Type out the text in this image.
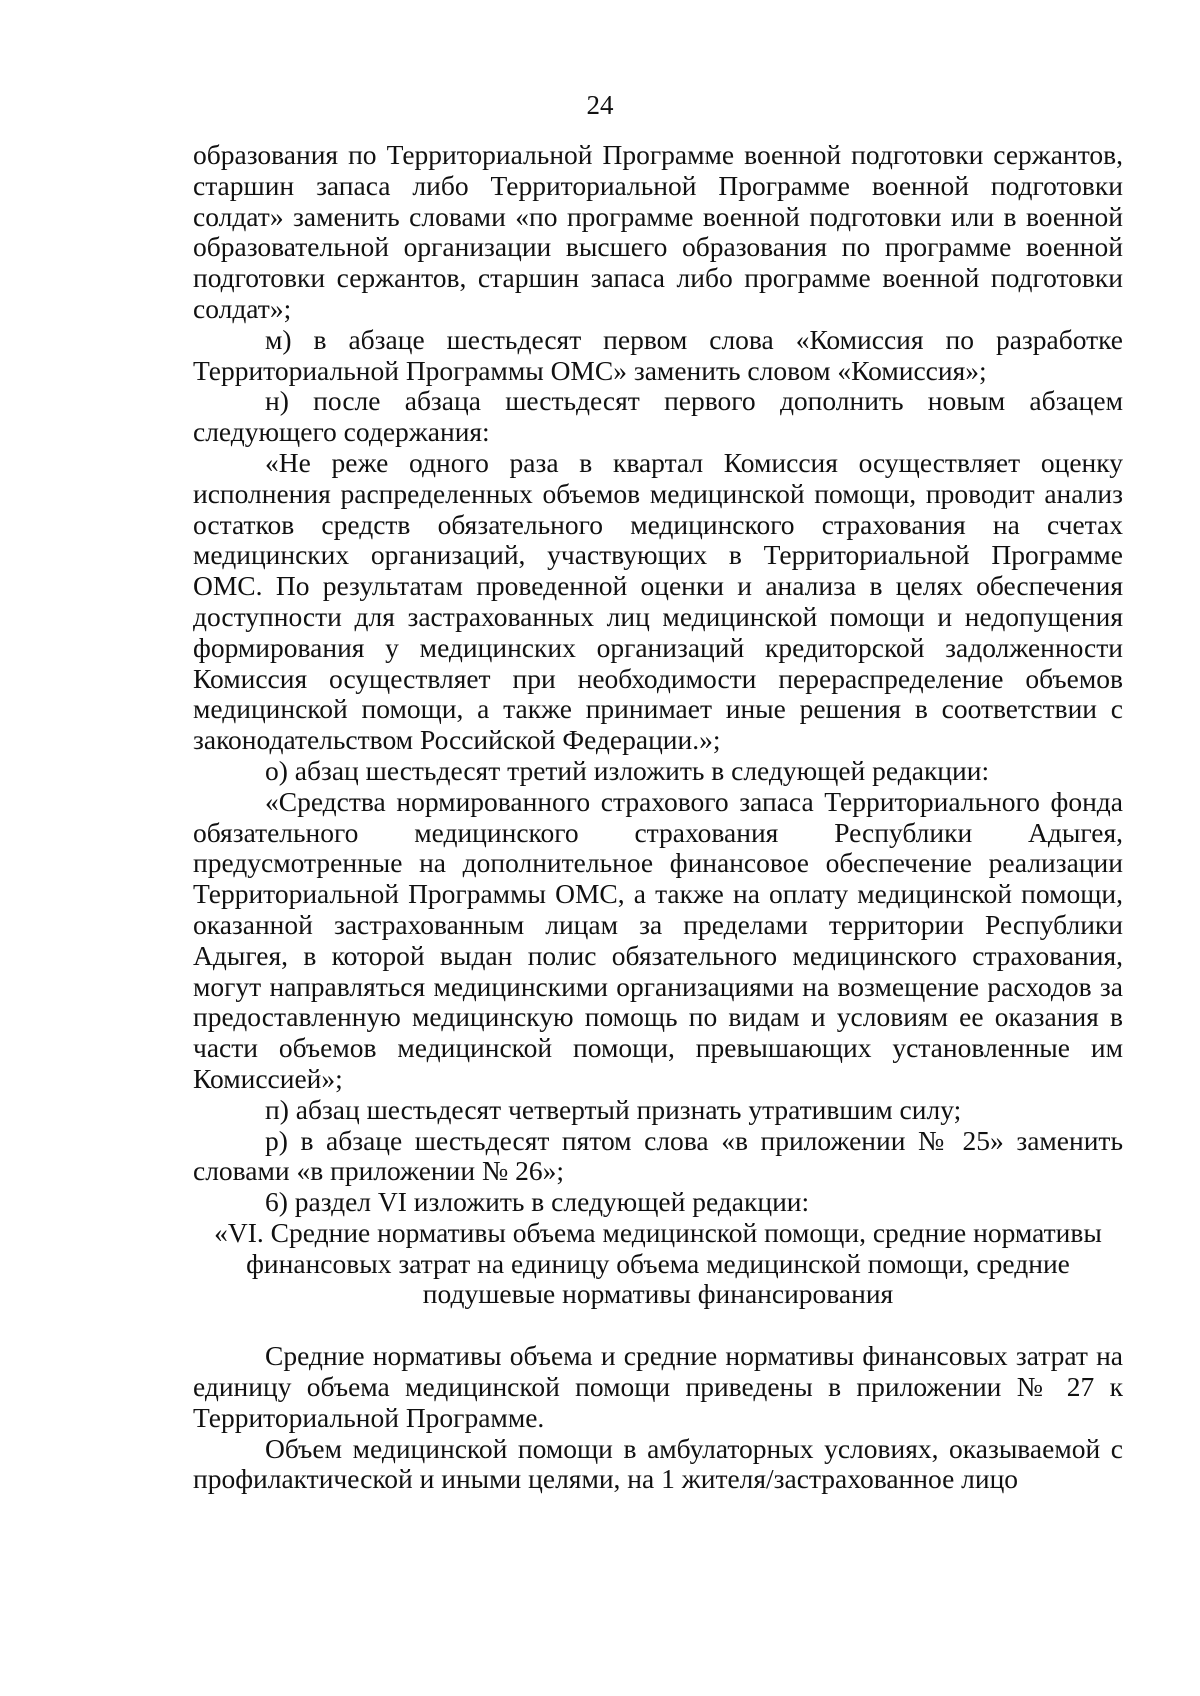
24

образования по Территориальной Программе военной подготовки сержантов, старшин запаса либо Территориальной Программе военной подготовки солдат» заменить словами «по программе военной подготовки или в военной образовательной организации высшего образования по программе военной подготовки сержантов, старшин запаса либо программе военной подготовки солдат»;

м) в абзаце шестьдесят первом слова «Комиссия по разработке Территориальной Программы ОМС» заменить словом «Комиссия»;

н) после абзаца шестьдесят первого дополнить новым абзацем следующего содержания:

«Не реже одного раза в квартал Комиссия осуществляет оценку исполнения распределенных объемов медицинской помощи, проводит анализ остатков средств обязательного медицинского страхования на счетах медицинских организаций, участвующих в Территориальной Программе ОМС. По результатам проведенной оценки и анализа в целях обеспечения доступности для застрахованных лиц медицинской помощи и недопущения формирования у медицинских организаций кредиторской задолженности Комиссия осуществляет при необходимости перераспределение объемов медицинской помощи, а также принимает иные решения в соответствии с законодательством Российской Федерации.»;

о) абзац шестьдесят третий изложить в следующей редакции:

«Средства нормированного страхового запаса Территориального фонда обязательного медицинского страхования Республики Адыгея, предусмотренные на дополнительное финансовое обеспечение реализации Территориальной Программы ОМС, а также на оплату медицинской помощи, оказанной застрахованным лицам за пределами территории Республики Адыгея, в которой выдан полис обязательного медицинского страхования, могут направляться медицинскими организациями на возмещение расходов за предоставленную медицинскую помощь по видам и условиям ее оказания в части объемов медицинской помощи, превышающих установленные им Комиссией»;

п) абзац шестьдесят четвертый признать утратившим силу;

р) в абзаце шестьдесят пятом слова «в приложении № 25» заменить словами «в приложении № 26»;

6) раздел VI изложить в следующей редакции:

«VI. Средние нормативы объема медицинской помощи, средние нормативы финансовых затрат на единицу объема медицинской помощи, средние подушевые нормативы финансирования

Средние нормативы объема и средние нормативы финансовых затрат на единицу объема медицинской помощи приведены в приложении № 27 к Территориальной Программе.

Объем медицинской помощи в амбулаторных условиях, оказываемой с профилактической и иными целями, на 1 жителя/застрахованное лицо
